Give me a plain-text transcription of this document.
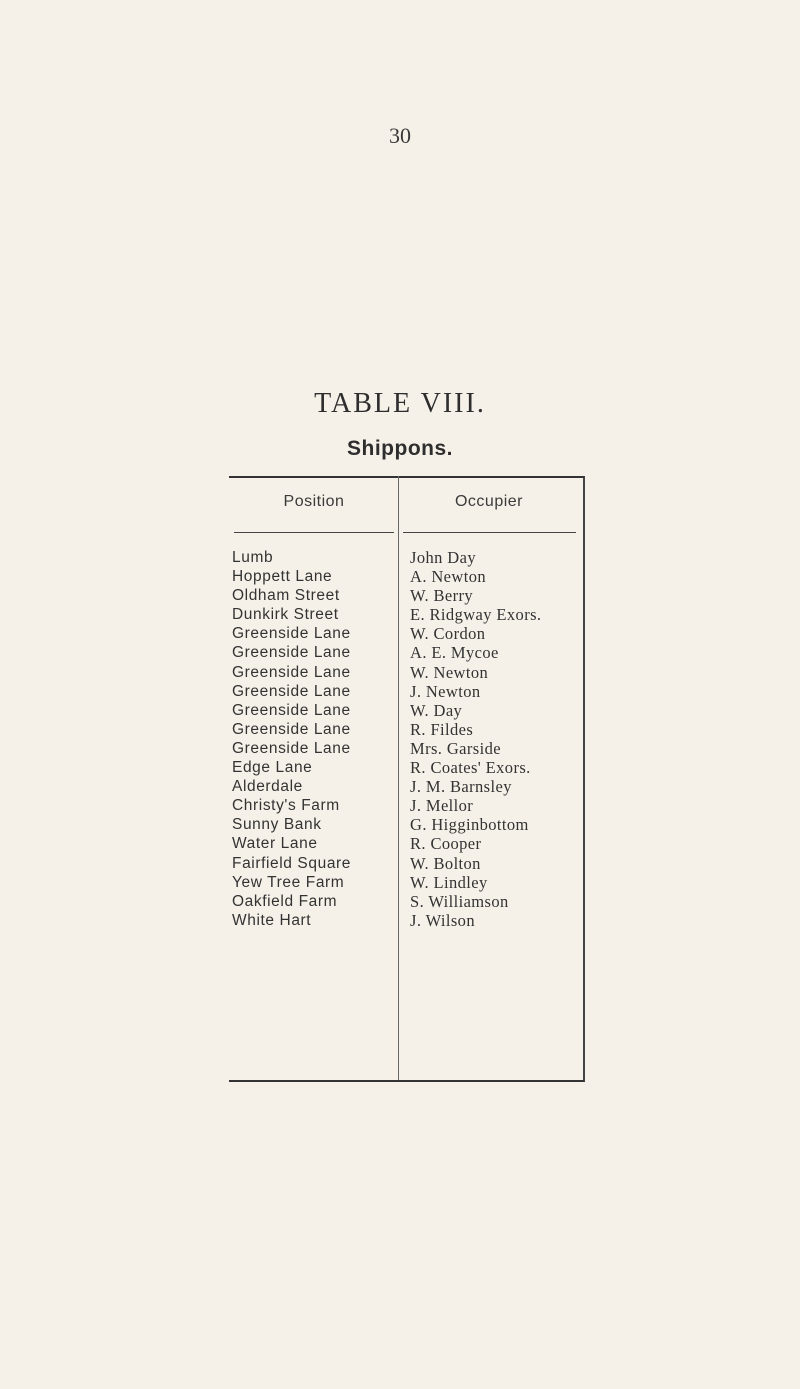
30
TABLE VIII.
Shippons.
Position	Occupier
Lumb	John Day
Hoppett Lane	A. Newton
Oldham Street	W. Berry
Dunkirk Street	E. Ridgway Exors.
Greenside Lane	W. Cordon
Greenside Lane	A. E. Mycoe
Greenside Lane	W. Newton
Greenside Lane	J. Newton
Greenside Lane	W. Day
Greenside Lane	R. Fildes
Greenside Lane	Mrs. Garside
Edge Lane	R. Coates' Exors.
Alderdale	J. M. Barnsley
Christy's Farm	J. Mellor
Sunny Bank	G. Higginbottom
Water Lane	R. Cooper
Fairfield Square	W. Bolton
Yew Tree Farm	W. Lindley
Oakfield Farm	S. Williamson
White Hart	J. Wilson
